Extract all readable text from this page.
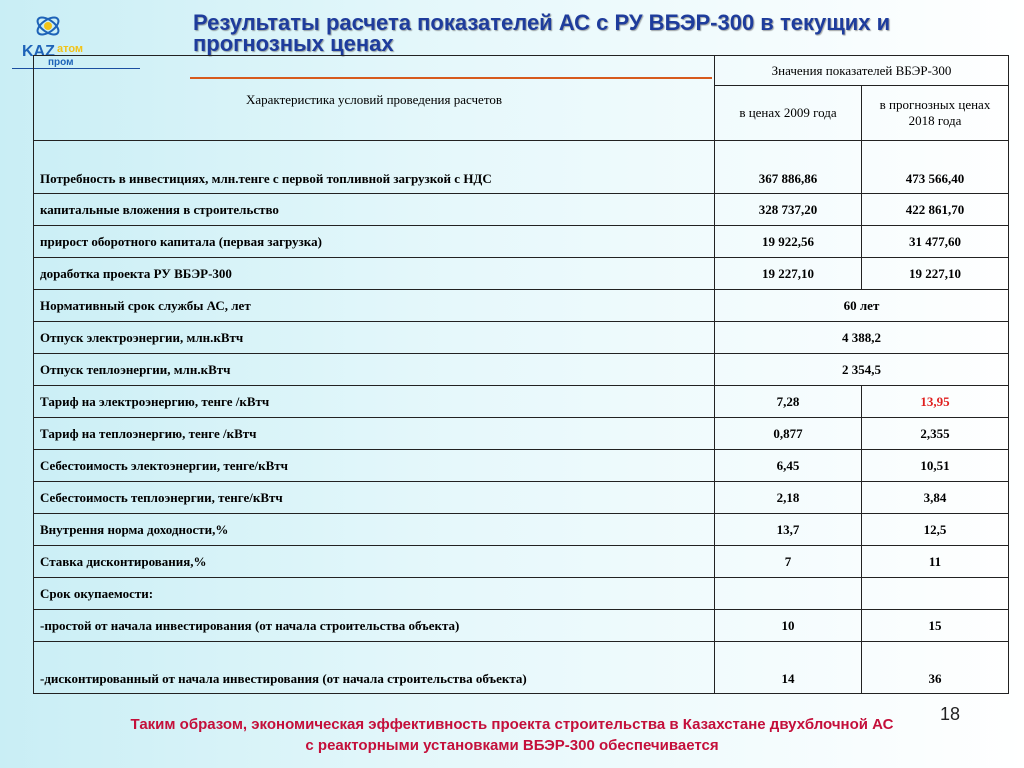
KAZ атом
пром
Результаты расчета показателей АС с РУ ВБЭР-300 в текущих и прогнозных ценах
Характеристика условий проведения расчетов	Значения показателей ВБЭР-300	
	в ценах 2009 года	в прогнозных ценах 2018 года
Потребность в инвестициях, млн.тенге с первой топливной загрузкой с НДС	367 886,86	473 566,40
капитальные вложения в строительство	328 737,20	422 861,70
прирост оборотного капитала (первая загрузка)	19 922,56	31 477,60
доработка проекта РУ ВБЭР-300	19 227,10	19 227,10
Нормативный срок службы АС, лет	60 лет	
Отпуск электроэнергии, млн.кВтч	4 388,2	
Отпуск теплоэнергии, млн.кВтч	2 354,5	
Тариф на электроэнергию, тенге /кВтч	7,28	13,95
Тариф на теплоэнергию, тенге /кВтч	0,877	2,355
Себестоимость электоэнергии, тенге/кВтч	6,45	10,51
Себестоимость теплоэнергии, тенге/кВтч	2,18	3,84
Внутрення норма доходности,%	13,7	12,5
Ставка дисконтирования,%	7	11
Срок окупаемости:		
-простой от начала инвестирования (от начала строительства объекта)	10	15
-дисконтированный от начала инвестирования (от начала строительства объекта)	14	36
Таким образом, экономическая эффективность проекта строительства в Казахстане двухблочной АС
с реакторными установками ВБЭР-300 обеспечивается
18
